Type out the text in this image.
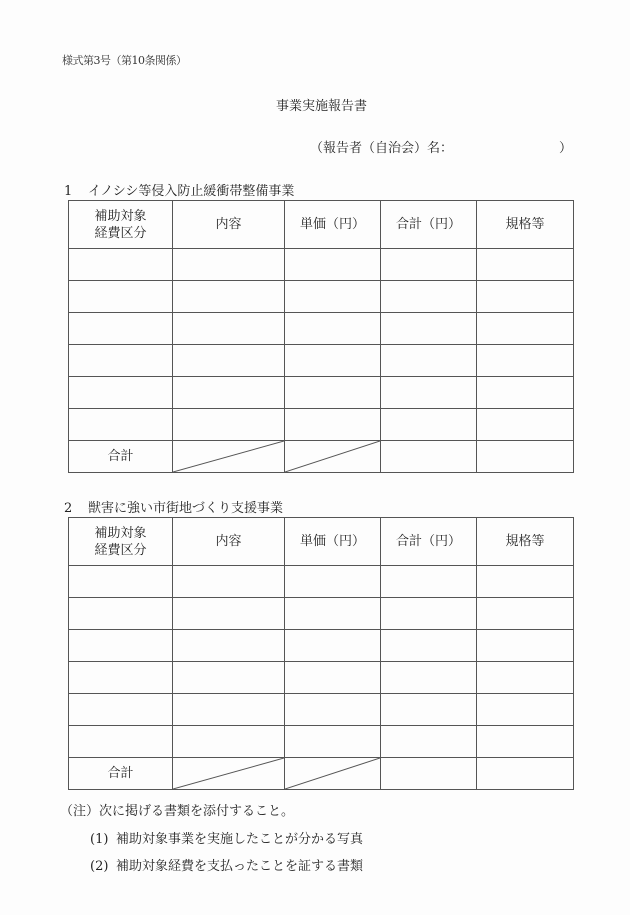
様式第3号（第10条関係）
事業実施報告書
（報告者（自治会）名：	）
1 イノシシ等侵入防止緩衝帯整備事業
補助対象
経費区分	内容	単価（円）	合計（円）	規格等

合計	

2 獣害に強い市街地づくり支援事業
補助対象
経費区分	内容	単価（円）	合計（円）	規格等

合計	

（注）次に掲げる書類を添付すること。
(1) 補助対象事業を実施したことが分かる写真
(2) 補助対象経費を支払ったことを証する書類
